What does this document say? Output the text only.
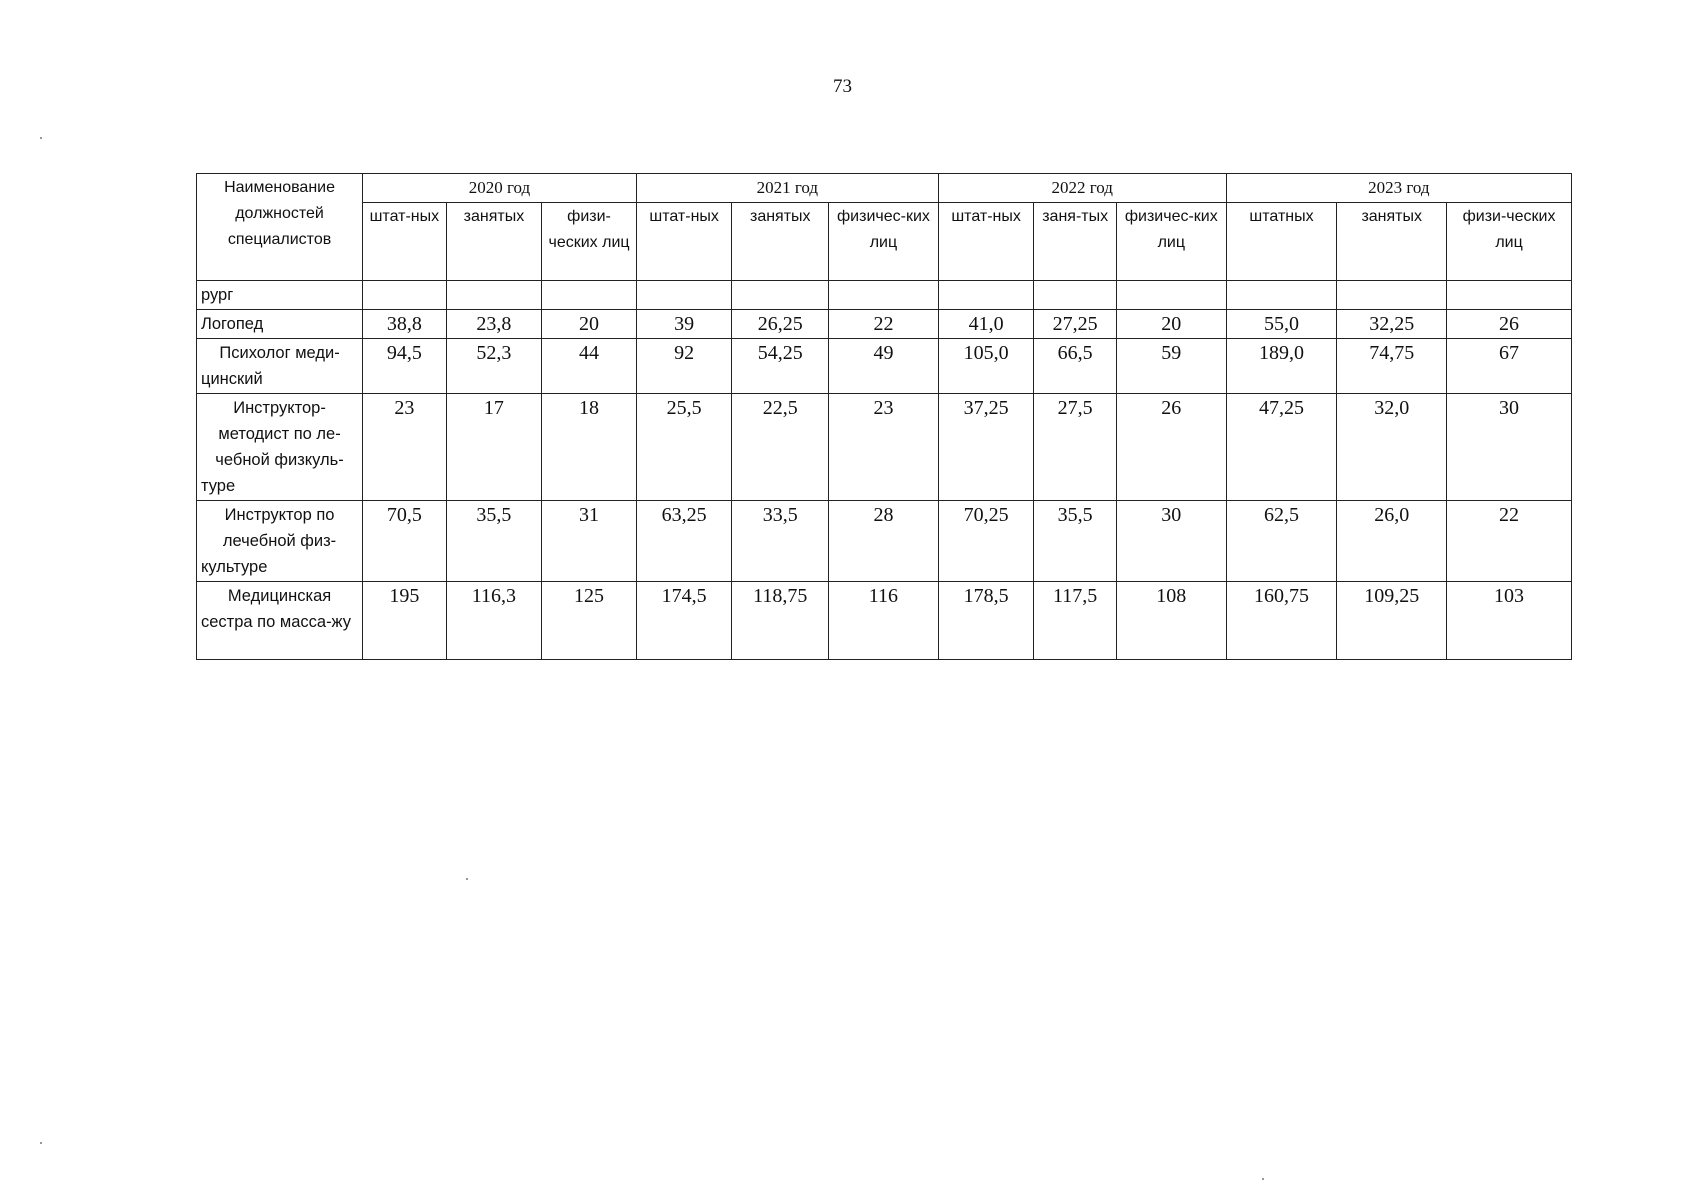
73
Наименование должностей специалистов	2020 год			2021 год			2022 год			2023 год		
	штат-ных	занятых	физи-ческих лиц	штат-ных	занятых	физичес-ких лиц	штат-ных	заня-тых	физичес-ких лиц	штатных	занятых	физи-ческих лиц
рург												
Логопед	38,8	23,8	20	39	26,25	22	41,0	27,25	20	55,0	32,25	26
Психолог меди-цинский	94,5	52,3	44	92	54,25	49	105,0	66,5	59	189,0	74,75	67
Инструктор-методист по ле-чебной физкуль-туре	23	17	18	25,5	22,5	23	37,25	27,5	26	47,25	32,0	30
Инструктор по лечебной физ-культуре	70,5	35,5	31	63,25	33,5	28	70,25	35,5	30	62,5	26,0	22
Медицинская сестра по масса-жу	195	116,3	125	174,5	118,75	116	178,5	117,5	108	160,75	109,25	103
